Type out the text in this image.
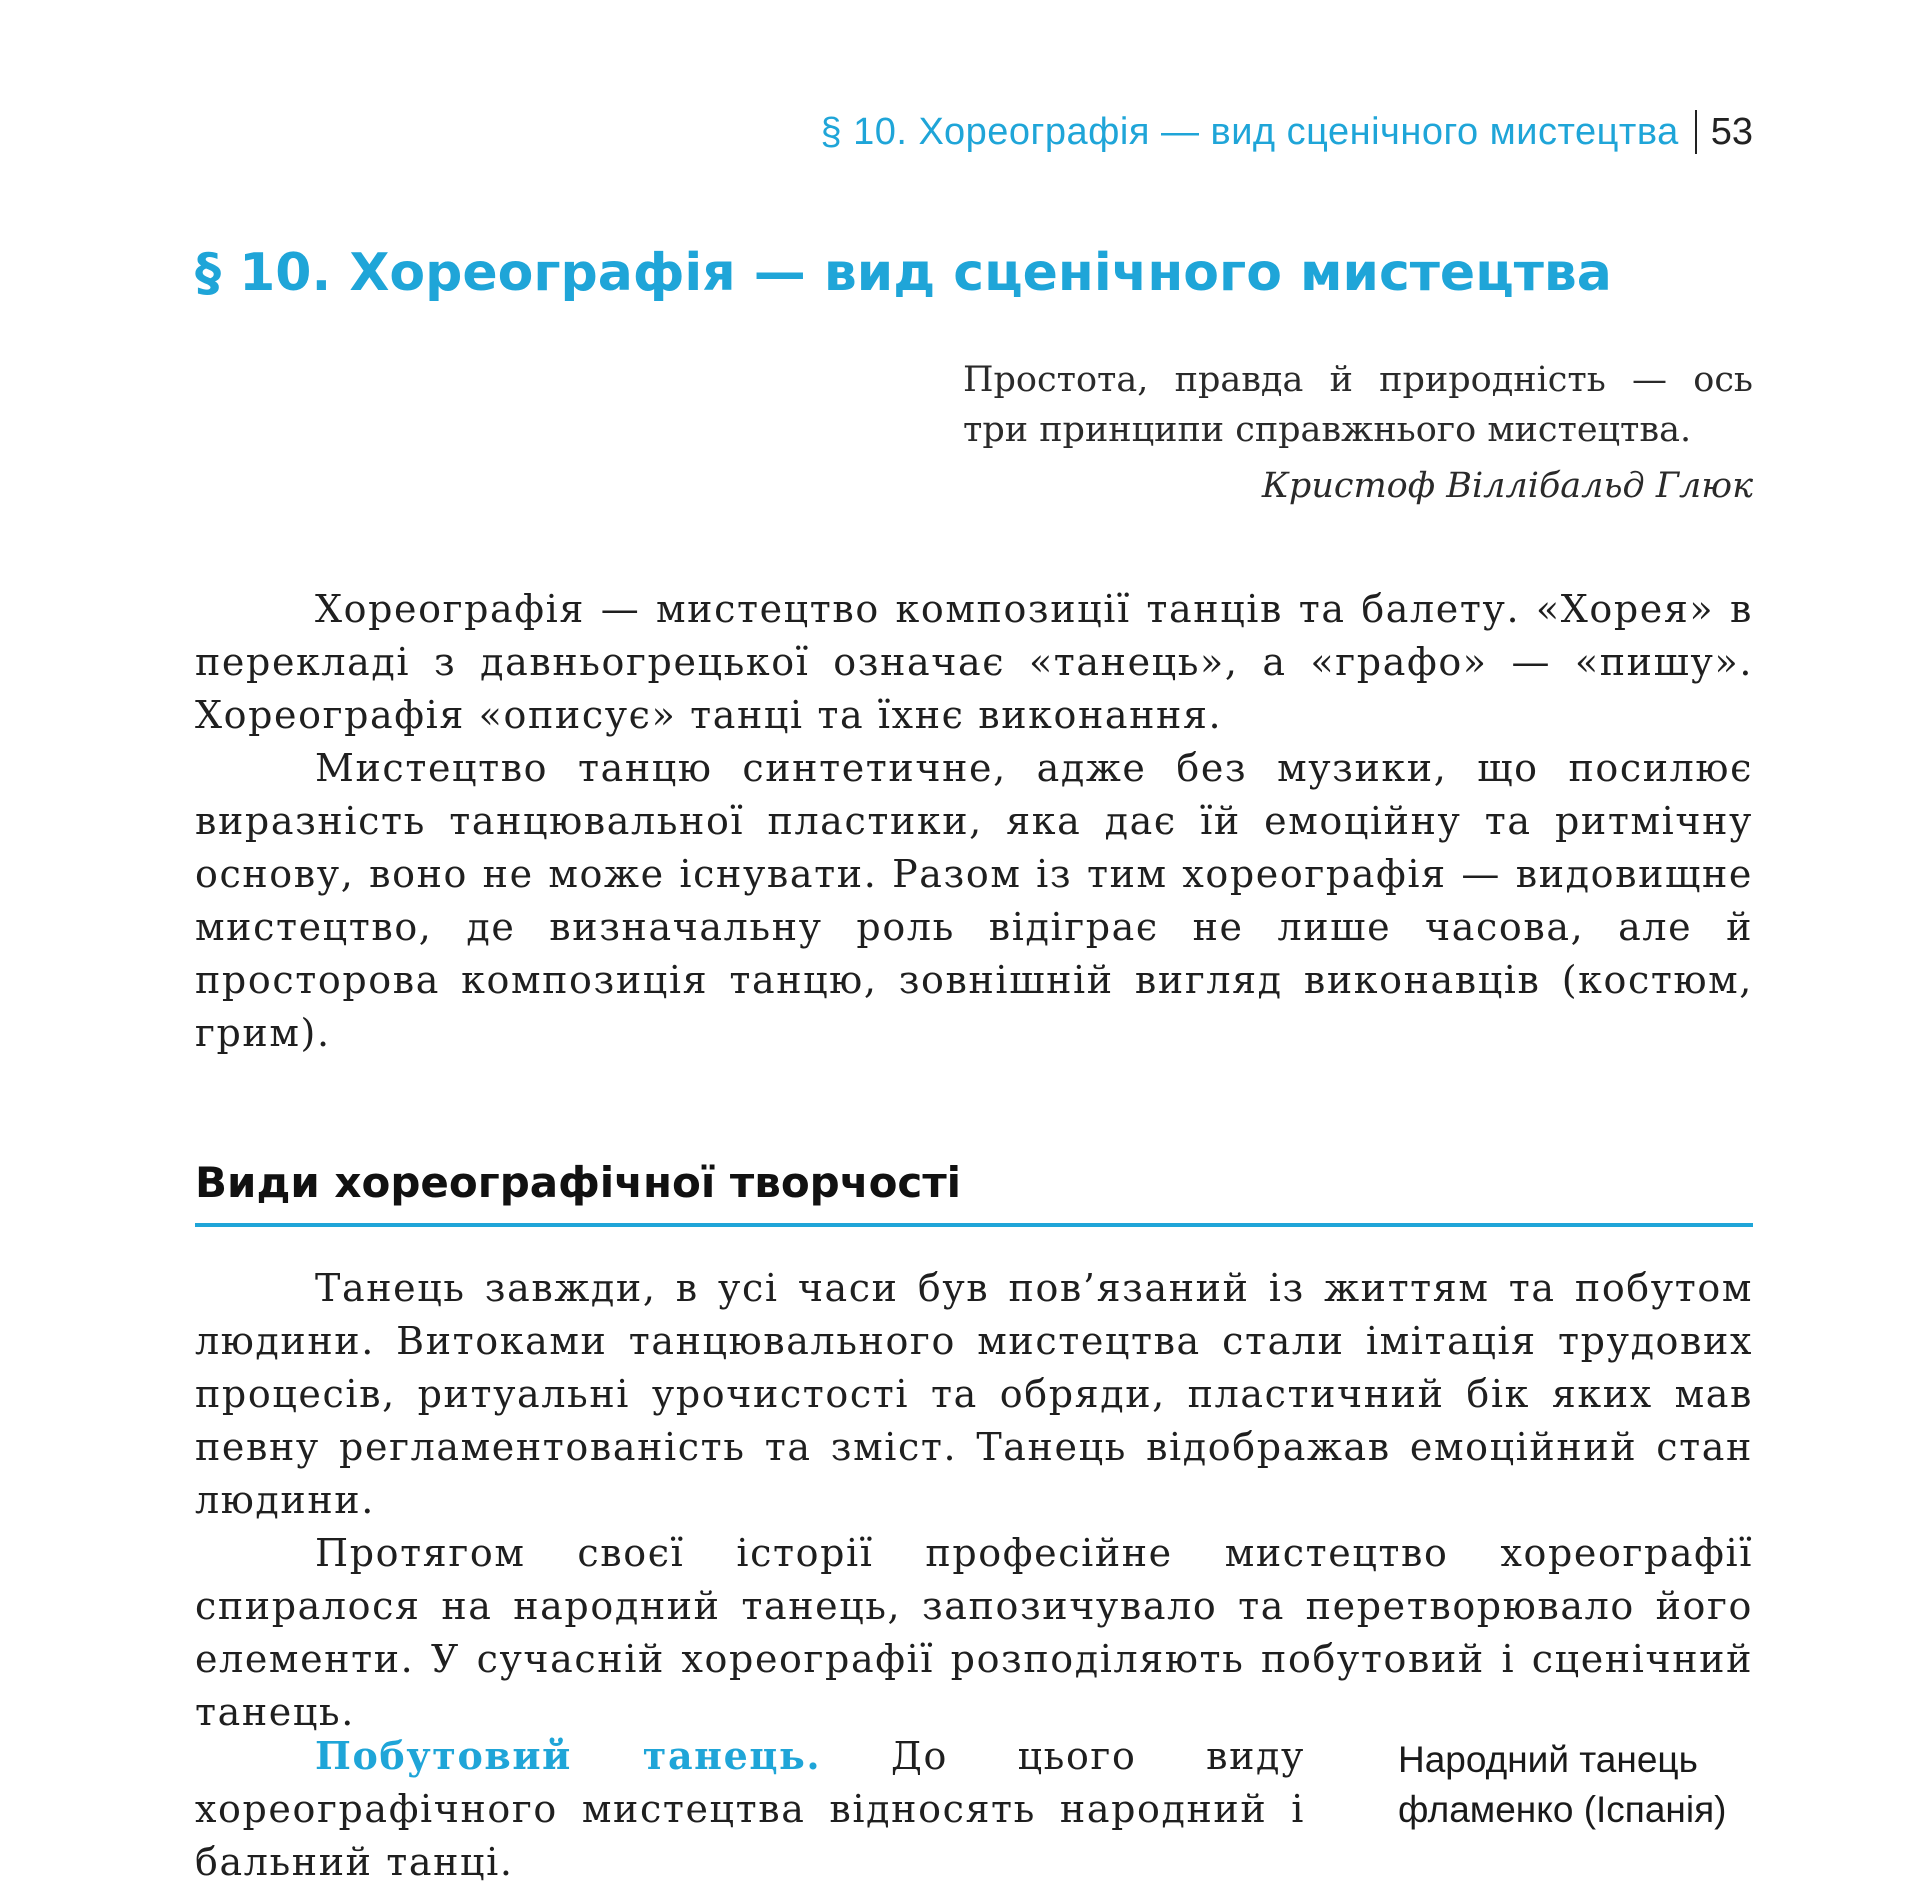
§ 10. Хореографія — вид сценічного мистецтва 53
§ 10. Хореографія — вид сценічного мистецтва
Простота, правда й природність — ось три принципи справжнього мистецтва.
Кристоф Віллібальд Глюк

Хореографія — мистецтво композиції танців та балету. «Хорея» в перекладі з давньогрецької означає «танець», а «графо» — «пишу». Хореографія «описує» танці та їхнє виконання.

Мистецтво танцю синтетичне, адже без музики, що посилює виразність танцювальної пластики, яка дає їй емоційну та ритмічну основу, воно не може існувати. Разом із тим хореографія — видовищне мистецтво, де визначальну роль відіграє не лише часова, але й просторова композиція танцю, зовнішній вигляд виконавців (костюм, грим).

Види хореографічної творчості

Танець завжди, в усі часи був пов’язаний із життям та побутом людини. Витоками танцювального мистецтва стали імітація трудових процесів, ритуальні урочистості та обряди, пластичний бік яких мав певну регламентованість та зміст. Танець відображав емоційний стан людини.

Протягом своєї історії професійне мистецтво хореографії спиралося на народний танець, запозичувало та перетворювало його елементи. У сучасній хореографії розподіляють побутовий і сценічний танець.

Побутовий танець. До цього виду хореографічного мистецтва відносять народний і бальний танці.

Народний танець
фламенко (Іспанія)
